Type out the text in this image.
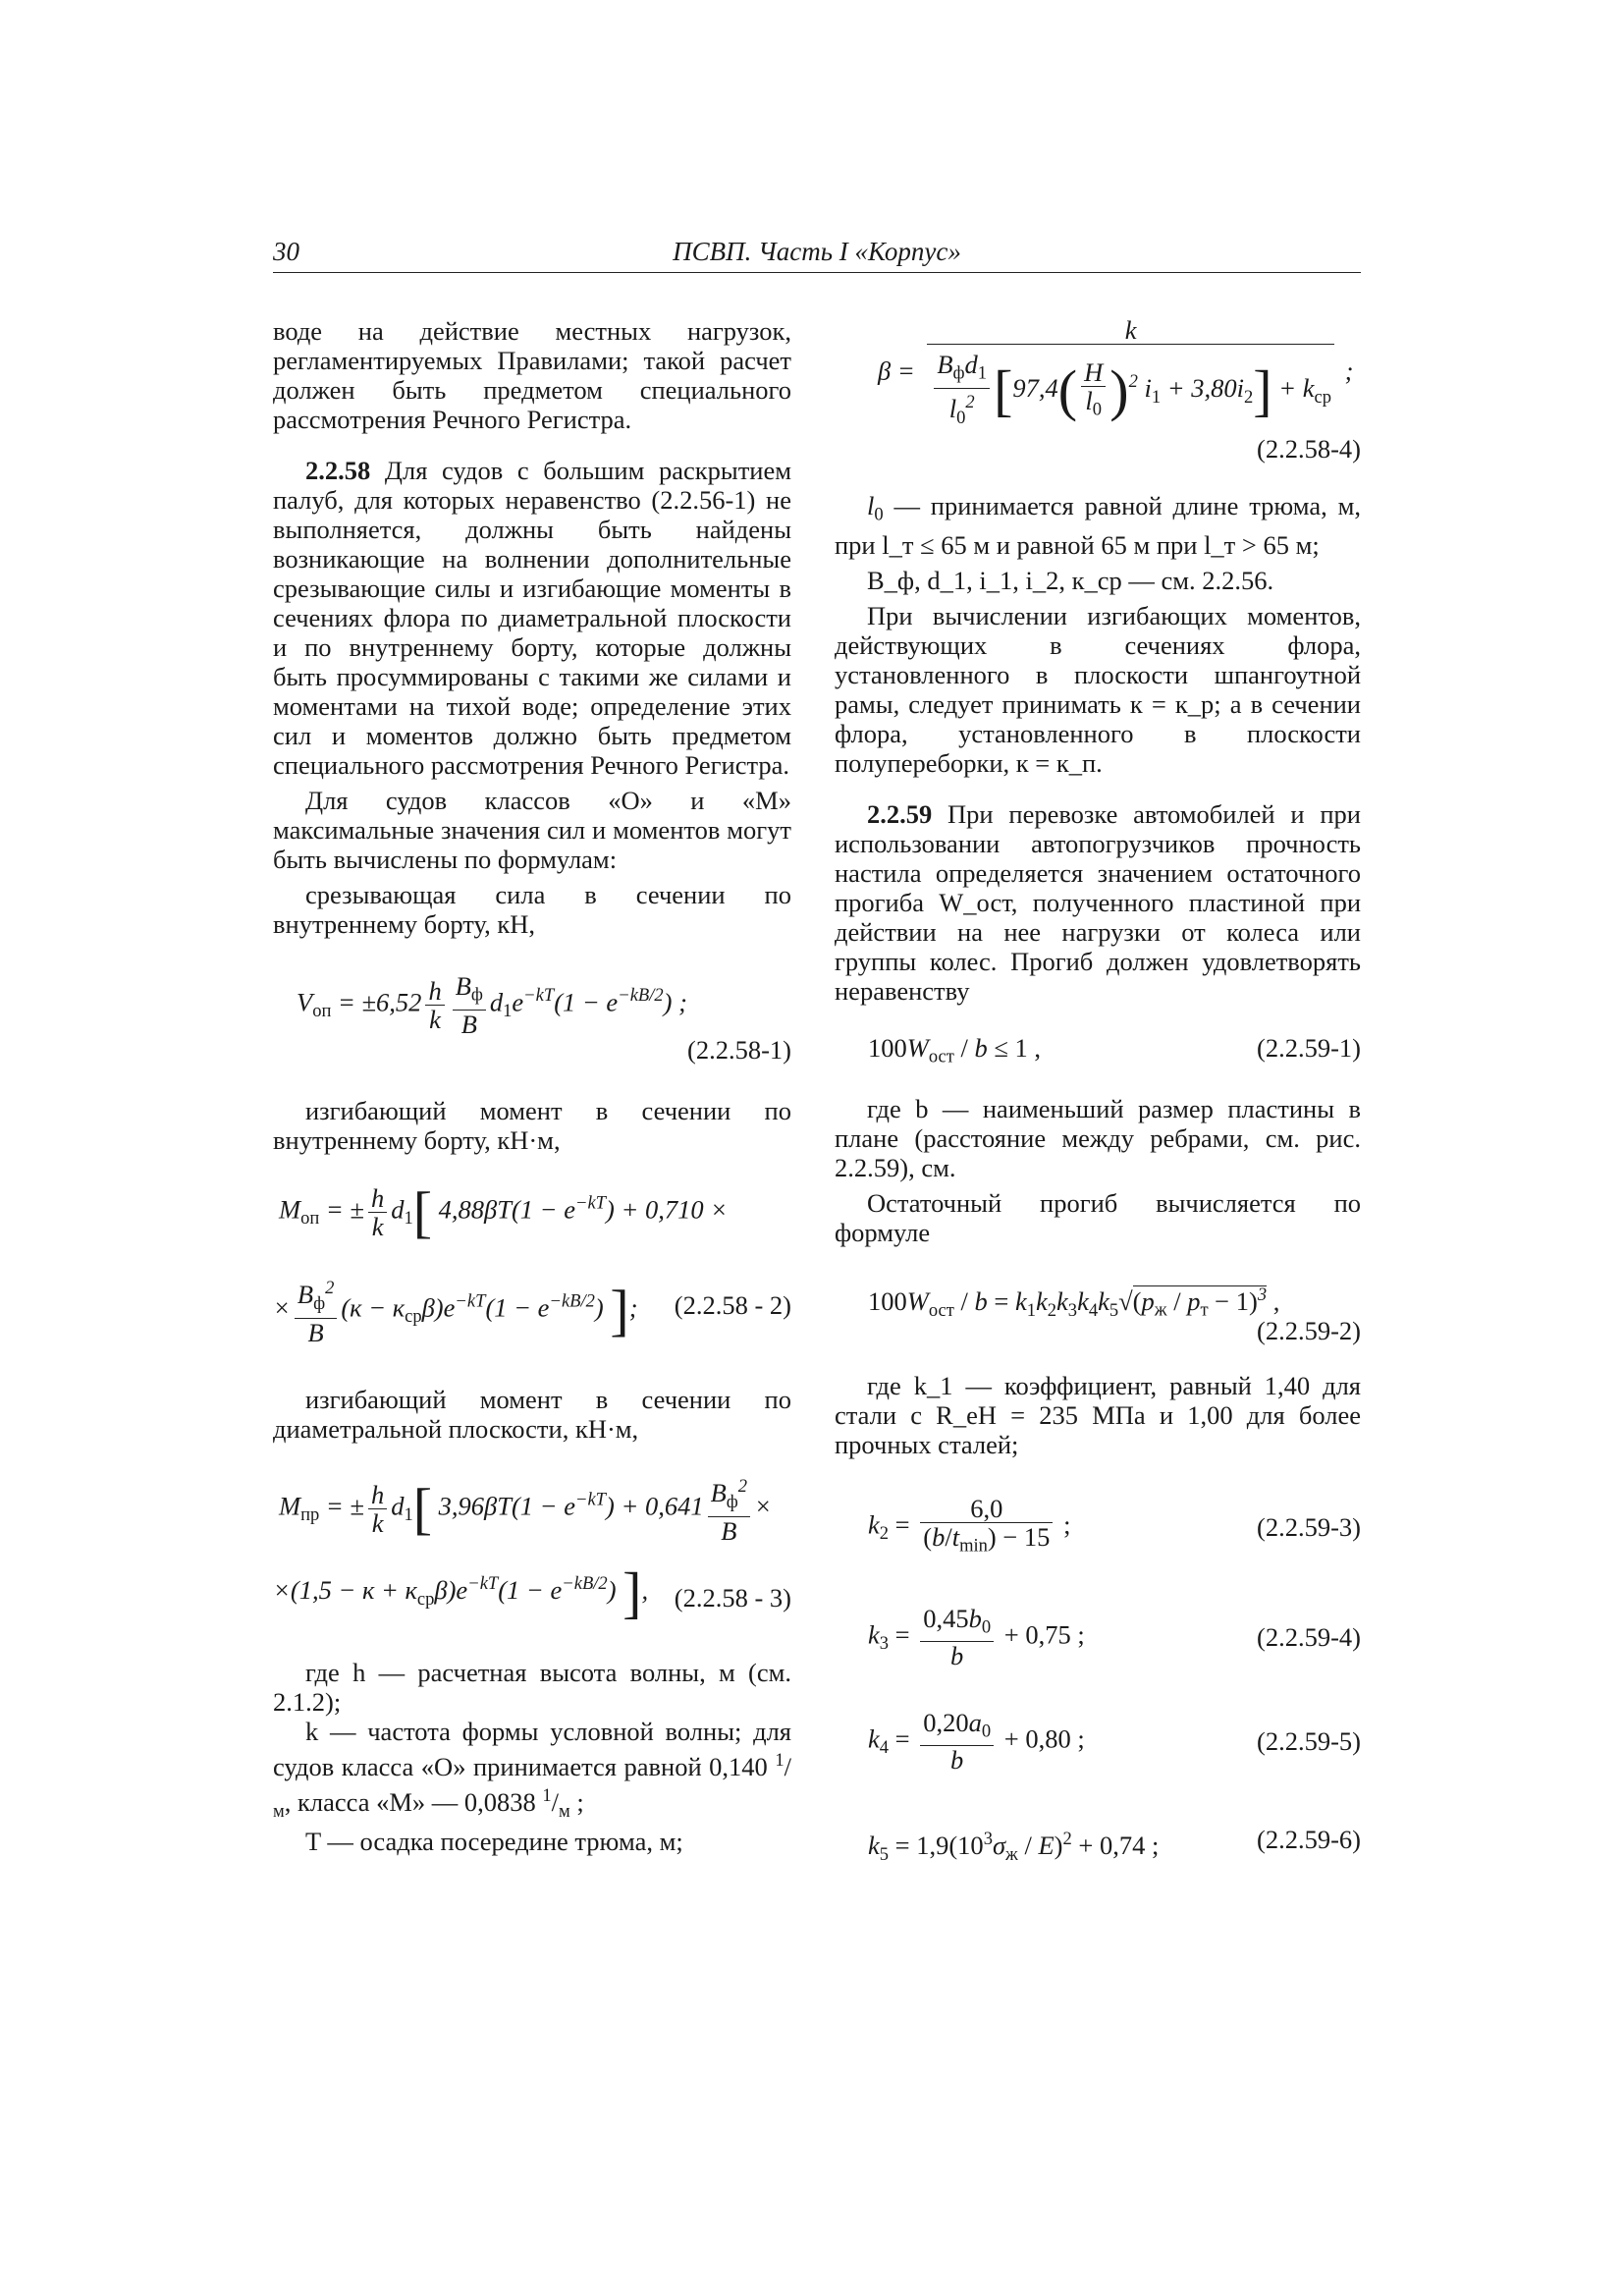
30	ПСВП. Часть I «Корпус»

воде на действие местных нагрузок, регламентируемых Правилами; такой расчет должен быть предметом специального рассмотрения Речного Регистра.

2.2.58 Для судов с большим раскрытием палуб, для которых неравенство (2.2.56-1) не выполняется, должны быть найдены возникающие на волнении дополнительные срезывающие силы и изгибающие моменты в сечениях флора по диаметральной плоскости и по внутреннему борту, которые должны быть просуммированы с такими же силами и моментами на тихой воде; определение этих сил и моментов должно быть предметом специального рассмотрения Речного Регистра.

Для судов классов «О» и «М» максимальные значения сил и моментов могут быть вычислены по формулам:

срезывающая сила в сечении по внутреннему борту, кН,

$V_{оп} = \pm 6,52 \frac{h}{k} \frac{B_ф}{B} d_1e^{-kT}(1 - e^{-kB/2})$ ;
(2.2.58-1)

изгибающий момент в сечении по внутреннему борту, кН·м,

$M_{оп}$ = ± $\frac{h}{k} d_1$[ $4,88\beta T(1 - e^{-kT}) + 0,710$ ×
× $\frac{B_ф^2}{B} (к - к_{ср}\beta)e^{-kT}(1 - e^{-kB/2})$ ]; (2.2.58 - 2)

изгибающий момент в сечении по диаметральной плоскости, кН·м,

$M_{пр}$ = ± $\frac{h}{k} d_1$[ $3,96\beta T(1 - e^{-kT}) + 0,641 \frac{B_ф^2}{B}$ ×
$\times(1,5 - к + к_{ср}\beta)e^{-kT}(1 - e^{-kB/2})$ ], (2.2.58 - 3)

где h — расчетная высота волны, м (см. 2.1.2);

k — частота формы условной волны; для судов класса «О» принимается равной 0,140 $^1/_м$, класса «М» — 0,0838 $^1/_м$ ;

T — осадка посередине трюма, м;

$\beta = \frac{k}{\frac{B_фd_1}{l_0^2} [97,4( \frac{H}{l_0} )^2 i_1 + 3,80i_2] + k_{ср}}$ ;
(2.2.58-4)

$l_0$ — принимается равной длине трюма, м, при l_т ≤ 65 м и равной 65 м при l_т > 65 м;

B_ф, d_1, i_1, i_2, к_ср — см. 2.2.56.

При вычислении изгибающих моментов, действующих в сечениях флора, установленного в плоскости шпангоутной рамы, следует принимать к = к_р; а в сечении флора, установленного в плоскости полупереборки, к = к_п.

2.2.59 При перевозке автомобилей и при использовании автопогрузчиков прочность настила определяется значением остаточного прогиба W_ост, полученного пластиной при действии на нее нагрузки от колеса или группы колес. Прогиб должен удовлетворять неравенству

$100W_{ост} / b \le 1$ ,	(2.2.59-1)

где b — наименьший размер пластины в плане (расстояние между ребрами, см. рис. 2.2.59), см.

Остаточный прогиб вычисляется по формуле

$100W_{ост} / b = k_1k_2k_3k_4k_5√(p_ж / p_т - 1)^3$ ,
(2.2.59-2)

где k_1 — коэффициент, равный 1,40 для стали с R_eH = 235 МПа и 1,00 для более прочных сталей;

$k_2 = \frac{6,0}{(b/t_{min}) - 15}$ ;	(2.2.59-3)
$k_3 = \frac{0,45b_0}{b} + 0,75$ ;	(2.2.59-4)
$k_4 = \frac{0,20a_0}{b} + 0,80$ ;	(2.2.59-5)
$k_5 = 1,9(10^3\sigma_ж / E)^2 + 0,74$ ;	(2.2.59-6)
